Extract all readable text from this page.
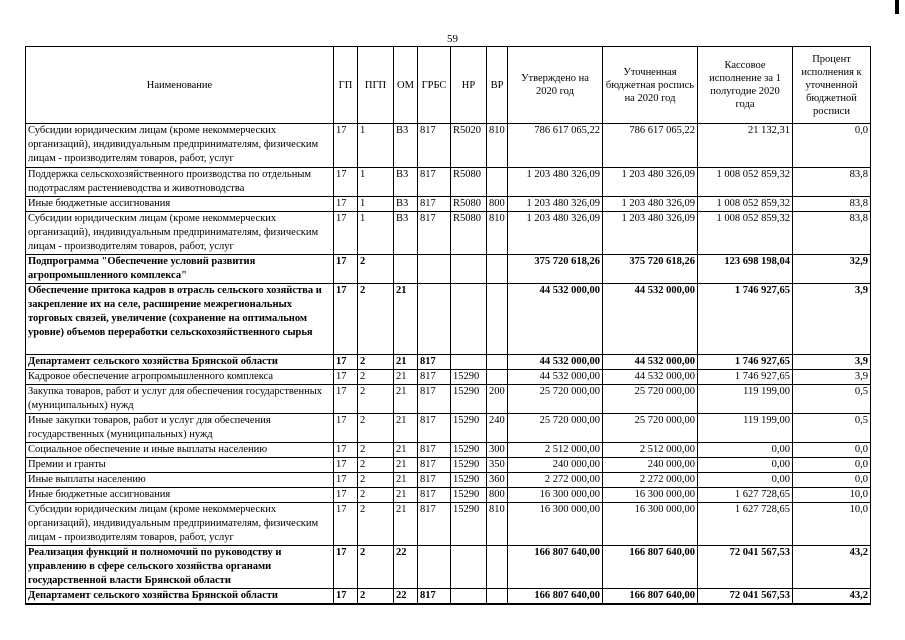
59
Наименование	ГП	ПГП	ОМ	ГРБС	НР	ВР	Утверждено на 2020 год	Уточненная бюджетная роспись на 2020 год	Кассовое исполнение за 1 полугодие 2020 года	Процент исполнения к уточненной бюджетной росписи
Субсидии юридическим лицам (кроме некоммерческих организаций), индивидуальным предпринимателям, физическим лицам - производителям товаров, работ, услуг	17	1	В3	817	R5020	810	786 617 065,22	786 617 065,22	21 132,31	0,0
Поддержка сельскохозяйственного производства по отдельным подотраслям растениеводства и животноводства	17	1	В3	817	R5080		1 203 480 326,09	1 203 480 326,09	1 008 052 859,32	83,8
Иные бюджетные ассигнования	17	1	В3	817	R5080	800	1 203 480 326,09	1 203 480 326,09	1 008 052 859,32	83,8
Субсидии юридическим лицам (кроме некоммерческих организаций), индивидуальным предпринимателям, физическим лицам - производителям товаров, работ, услуг	17	1	В3	817	R5080	810	1 203 480 326,09	1 203 480 326,09	1 008 052 859,32	83,8
Подпрограмма "Обеспечение условий развития агропромышленного комплекса"	17	2					375 720 618,26	375 720 618,26	123 698 198,04	32,9
Обеспечение притока кадров в отрасль сельского хозяйства и закрепление их на селе, расширение межрегиональных торговых связей, увеличение (сохранение на оптимальном уровне) объемов переработки сельскохозяйственного сырья	17	2	21				44 532 000,00	44 532 000,00	1 746 927,65	3,9
Департамент сельского хозяйства Брянской области	17	2	21	817			44 532 000,00	44 532 000,00	1 746 927,65	3,9
Кадровое обеспечение агропромышленного комплекса	17	2	21	817	15290		44 532 000,00	44 532 000,00	1 746 927,65	3,9
Закупка товаров, работ и услуг для обеспечения государственных (муниципальных) нужд	17	2	21	817	15290	200	25 720 000,00	25 720 000,00	119 199,00	0,5
Иные закупки товаров, работ и услуг для обеспечения государственных (муниципальных) нужд	17	2	21	817	15290	240	25 720 000,00	25 720 000,00	119 199,00	0,5
Социальное обеспечение и иные выплаты населению	17	2	21	817	15290	300	2 512 000,00	2 512 000,00	0,00	0,0
Премии и гранты	17	2	21	817	15290	350	240 000,00	240 000,00	0,00	0,0
Иные выплаты населению	17	2	21	817	15290	360	2 272 000,00	2 272 000,00	0,00	0,0
Иные бюджетные ассигнования	17	2	21	817	15290	800	16 300 000,00	16 300 000,00	1 627 728,65	10,0
Субсидии юридическим лицам (кроме некоммерческих организаций), индивидуальным предпринимателям, физическим лицам - производителям товаров, работ, услуг	17	2	21	817	15290	810	16 300 000,00	16 300 000,00	1 627 728,65	10,0
Реализация функций и полномочий по руководству и управлению в сфере сельского хозяйства органами государственной власти Брянской области	17	2	22				166 807 640,00	166 807 640,00	72 041 567,53	43,2
Департамент сельского хозяйства Брянской области	17	2	22	817			166 807 640,00	166 807 640,00	72 041 567,53	43,2
